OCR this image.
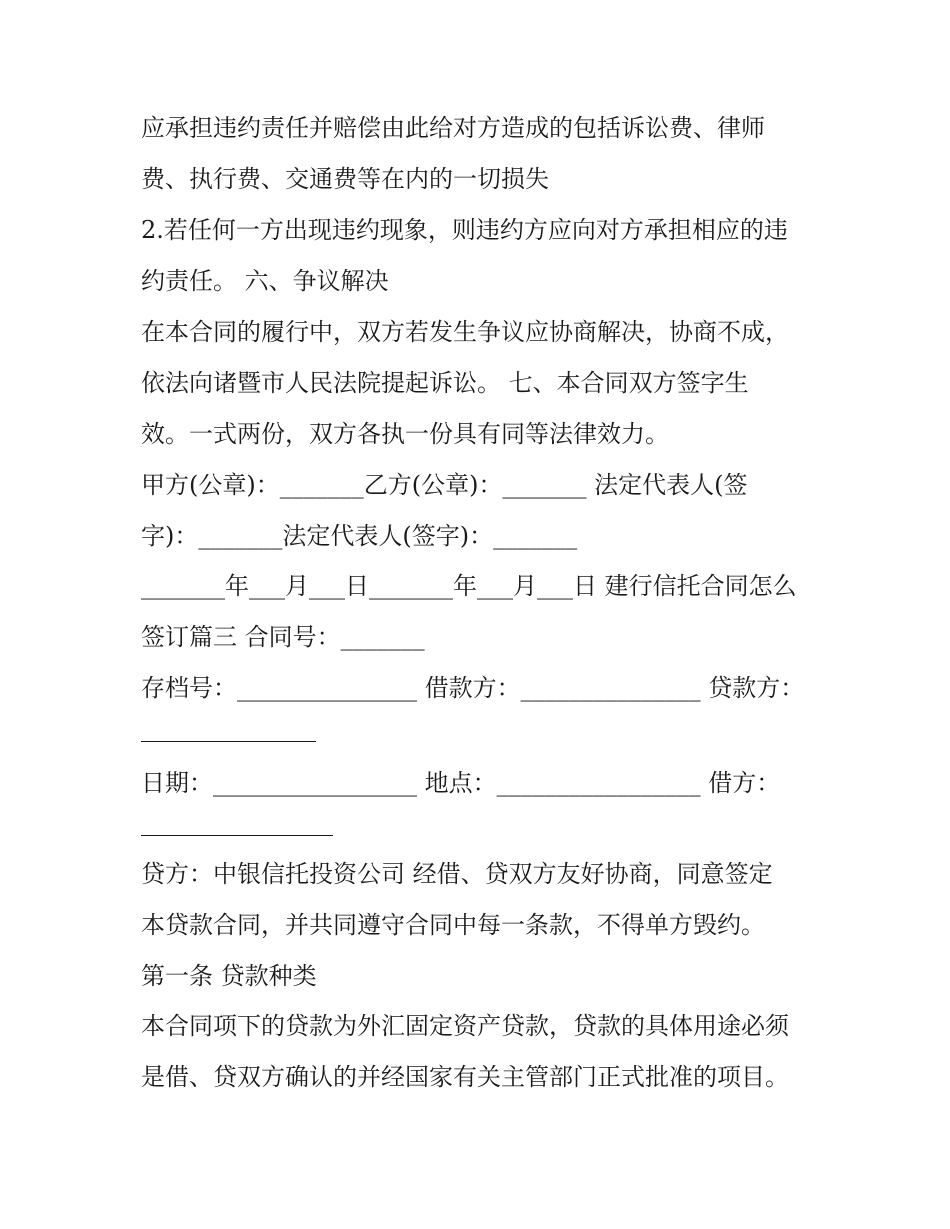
应承担违约责任并赔偿由此给对方造成的包括诉讼费、律师

费、执行费、交通费等在内的一切损失

2.若任何一方出现违约现象，则违约方应向对方承担相应的违

约责任。 六、争议解决

在本合同的履行中，双方若发生争议应协商解决，协商不成，

依法向诸暨市人民法院提起诉讼。 七、本合同双方签字生

效。一式两份，双方各执一份具有同等法律效力。

甲方(公章)：_______乙方(公章)：_______ 法定代表人(签

字)：_______法定代表人(签字)：_______

_______年___月___日_______年___月___日 建行信托合同怎么

签订篇三 合同号：_______

存档号：_______________ 借款方：_______________ 贷款方：

日期：_________________ 地点：_________________ 借方：

贷方：中银信托投资公司 经借、贷双方友好协商，同意签定

本贷款合同，并共同遵守合同中每一条款，不得单方毁约。

第一条 贷款种类

本合同项下的贷款为外汇固定资产贷款，贷款的具体用途必须

是借、贷双方确认的并经国家有关主管部门正式批准的项目。
